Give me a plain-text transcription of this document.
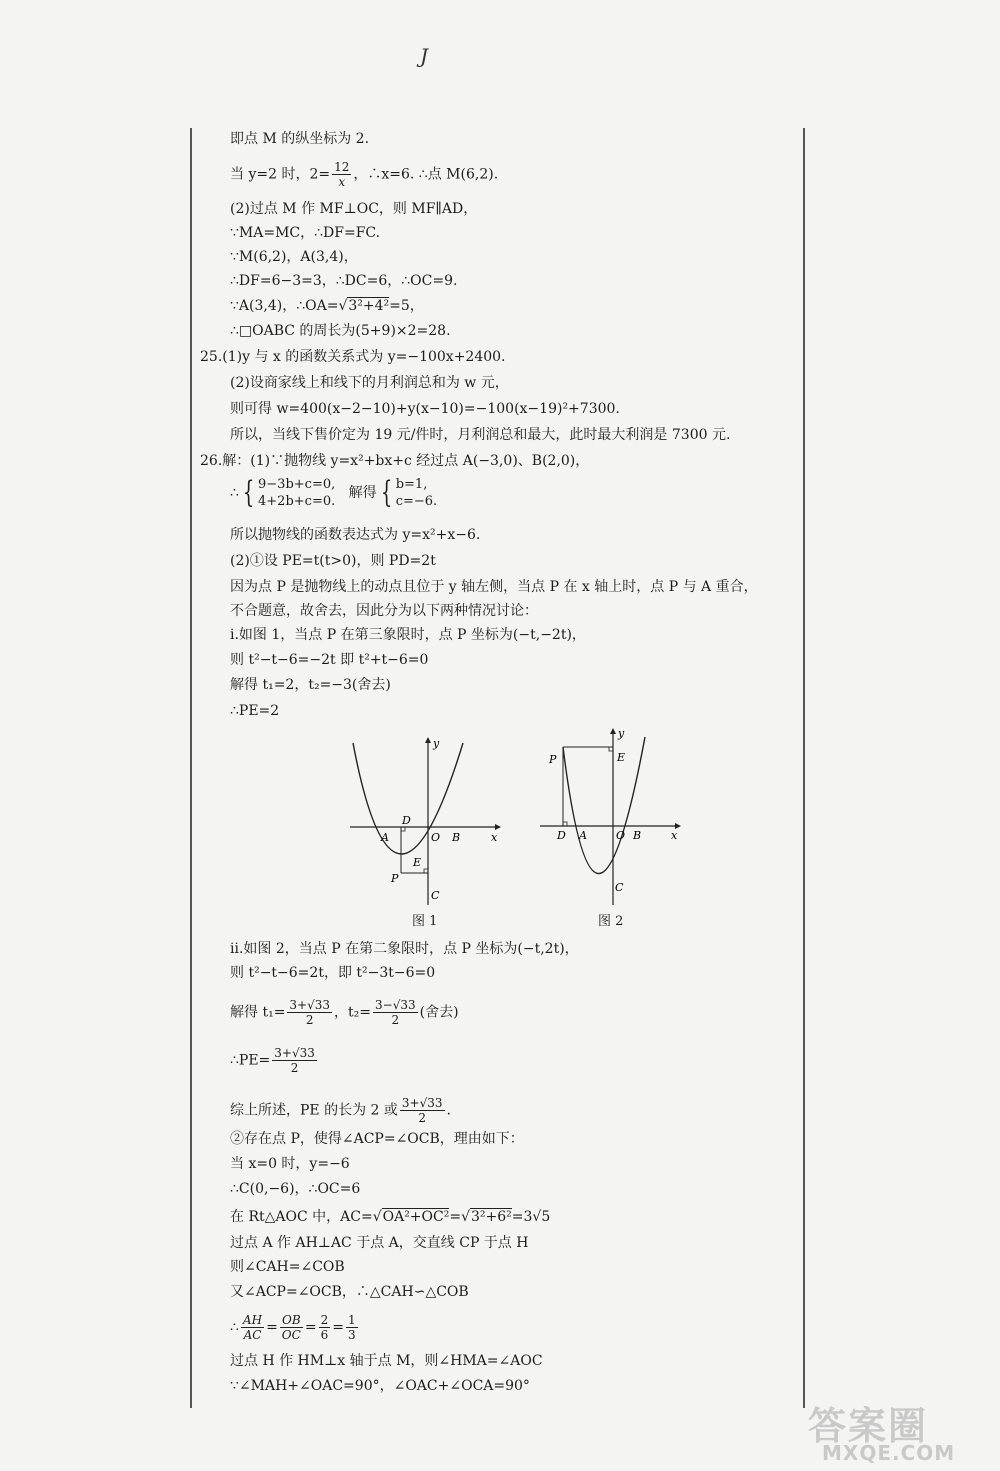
J
即点 M 的纵坐标为 2.
当 y=2 时，$2= \frac{12}{x}$ ，∴x=6. ∴点 M(6,2).
(2)过点 M 作 MF⊥OC，则 MF∥AD，
∵MA=MC，∴DF=FC.
∵M(6,2)，A(3,4)，
∴DF=6−3=3，∴DC=6，∴OC=9.
∵A(3,4)，∴OA=√3²+4²=5，
∴□OABC 的周长为(5+9)×2=28.
25.(1)y 与 x 的函数关系式为 y=−100x+2400.
(2)设商家线上和线下的月利润总和为 w 元，
则可得 w=400(x−2−10)+y(x−10)=−100(x−19)²+7300.
所以，当线下售价定为 19 元/件时，月利润总和最大，此时最大利润是 7300 元.
26.解：(1)∵抛物线 y=x²+bx+c 经过点 A(−3,0)、B(2,0)，
∴ { 9−3b+c=0,
4+2b+c=0.
解得 { b=1,
c=−6.
所以抛物线的函数表达式为 y=x²+x−6.
(2)①设 PE=t(t>0)，则 PD=2t
因为点 P 是抛物线上的动点且位于 y 轴左侧，当点 P 在 x 轴上时，点 P 与 A 重合，
不合题意，故舍去，因此分为以下两种情况讨论：
ⅰ.如图 1，当点 P 在第三象限时，点 P 坐标为(−t,−2t)，
则 t²−t−6=−2t 即 t²+t−6=0
解得 t₁=2，t₂=−3(舍去)
∴PE=2
y
x
D
A	O B
E
P
C
图 1
y
x
P	E
D A	O B
C
图 2
ⅱ.如图 2，当点 P 在第二象限时，点 P 坐标为(−t,2t)，
则 t²−t−6=2t，即 t²−3t−6=0
解得 $t_1= \frac{3+√33}{2}$ ，$t_2= \frac{3-√33}{2}$ (舍去)
∴PE= $\frac{3+√33}{2}$
综上所述，PE 的长为 2 或 $\frac{3+√33}{2}$ .
②存在点 P，使得∠ACP=∠OCB，理由如下：
当 x=0 时，y=−6
∴C(0,−6)，∴OC=6
在 Rt△AOC 中，AC=√OA²+OC²=√3²+6²=3√5
过点 A 作 AH⊥AC 于点 A，交直线 CP 于点 H
则∠CAH=∠COB
又∠ACP=∠OCB，∴△CAH∽△COB
∴ $\frac{AH}{AC} = \frac{OB}{OC} = \frac{2}{6} = \frac{1}{3}$
过点 H 作 HM⊥x 轴于点 M，则∠HMA=∠AOC
∵∠MAH+∠OAC=90°，∠OAC+∠OCA=90°
答案圈
MXQE.COM
